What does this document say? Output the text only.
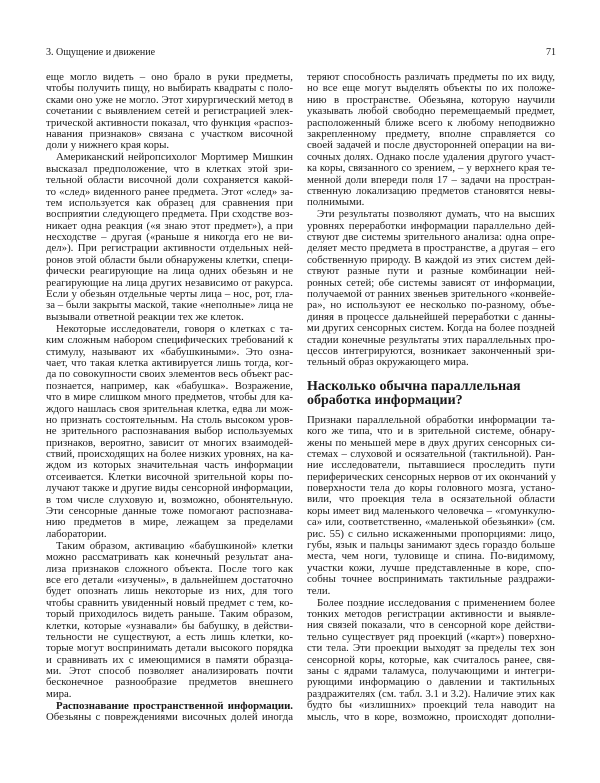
3. Ощущение и движение	71
еще могло видеть – оно брало в руки предметы,
чтобы получить пищу, но выбирать квадраты с поло-
сками оно уже не могло. Этот хирургический метод в
сочетании с выявлением сетей и регистрацией элек-
трической активности показал, что функция «распоз-
навания признаков» связана с участком височной
доли у нижнего края коры.
Американский нейропсихолог Мортимер Мишкин
высказал предположение, что в клетках этой зри-
тельной области височной доли сохраняется какой-
то «след» виденного ранее предмета. Этот «след» за-
тем используется как образец для сравнения при
восприятии следующего предмета. При сходстве воз-
никает одна реакция («я знаю этот предмет»), а при
несходстве – другая («раньше я никогда его не ви-
дел»). При регистрации активности отдельных ней-
ронов этой области были обнаружены клетки, специ-
фически реагирующие на лица одних обезьян и не
реагирующие на лица других независимо от ракурса.
Если у обезьян отдельные черты лица – нос, рот, гла-
за – были закрыты маской, такие «неполные» лица не
вызывали ответной реакции тех же клеток.
Некоторые исследователи, говоря о клетках с та-
ким сложным набором специфических требований к
стимулу, называют их «бабушкиными». Это озна-
чает, что такая клетка активируется лишь тогда, ког-
да по совокупности своих элементов весь объект рас-
познается, например, как «бабушка». Возражение,
что в мире слишком много предметов, чтобы для ка-
ждого нашлась своя зрительная клетка, едва ли мож-
но признать состоятельным. На столь высоком уров-
не зрительного распознавания выбор используемых
признаков, вероятно, зависит от многих взаимодей-
ствий, происходящих на более низких уровнях, на ка-
ждом из которых значительная часть информации
отсеивается. Клетки височной зрительной коры по-
лучают также и другие виды сенсорной информации,
в том числе слуховую и, возможно, обонятельную.
Эти сенсорные данные тоже помогают распознава-
нию предметов в мире, лежащем за пределами
лаборатории.
Таким образом, активацию «бабушкиной» клетки
можно рассматривать как конечный результат ана-
лиза признаков сложного объекта. После того как
все его детали «изучены», в дальнейшем достаточно
будет опознать лишь некоторые из них, для того
чтобы сравнить увиденный новый предмет с тем, ко-
торый приходилось видеть раньше. Таким образом,
клетки, которые «узнавали» бы бабушку, в действи-
тельности не существуют, а есть лишь клетки, ко-
торые могут воспринимать детали высокого порядка
и сравнивать их с имеющимися в памяти образца-
ми. Этот способ позволяет анализировать почти
бесконечное разнообразие предметов внешнего
мира.
Распознавание пространственной информации.
Обезьяны с повреждениями височных долей иногда
теряют способность различать предметы по их виду,
но все еще могут выделять объекты по их положе-
нию в пространстве. Обезьяна, которую научили
указывать любой свободно перемещаемый предмет,
расположенный ближе всего к любому неподвижно
закрепленному предмету, вполне справляется со
своей задачей и после двусторонней операции на ви-
сочных долях. Однако после удаления другого участ-
ка коры, связанного со зрением, – у верхнего края те-
менной доли впереди поля 17 – задачи на простран-
ственную локализацию предметов становятся невы-
полнимыми.
Эти результаты позволяют думать, что на высших
уровнях переработки информации параллельно дей-
ствуют две системы зрительного анализа: одна опре-
деляет место предмета в пространстве, а другая – его
собственную природу. В каждой из этих систем дей-
ствуют разные пути и разные комбинации ней-
ронных сетей; обе системы зависят от информации,
получаемой от ранних звеньев зрительного «конвейе-
ра», но используют ее несколько по-разному, объе-
диняя в процессе дальнейшей переработки с данны-
ми других сенсорных систем. Когда на более поздней
стадии конечные результаты этих параллельных про-
цессов интегрируются, возникает законченный зри-
тельный образ окружающего мира.
Насколько обычна параллельная
обработка информации?
Признаки параллельной обработки информации та-
кого же типа, что и в зрительной системе, обнару-
жены по меньшей мере в двух других сенсорных си-
стемах – слуховой и осязательной (тактильной). Ран-
ние исследователи, пытавшиеся проследить пути
периферических сенсорных нервов от их окончаний у
поверхности тела до коры головного мозга, устано-
вили, что проекция тела в осязательной области
коры имеет вид маленького человечка – «гомункулю-
са» или, соответственно, «маленькой обезьянки» (см.
рис. 55) с сильно искаженными пропорциями: лицо,
губы, язык и пальцы занимают здесь гораздо больше
места, чем ноги, туловище и спина. По-видимому,
участки кожи, лучше представленные в коре, спо-
собны точнее воспринимать тактильные раздражи-
тели.
Более поздние исследования с применением более
тонких методов регистрации активности и выявле-
ния связей показали, что в сенсорной коре действи-
тельно существует ряд проекций («карт») поверхно-
сти тела. Эти проекции выходят за пределы тех зон
сенсорной коры, которые, как считалось ранее, свя-
заны с ядрами таламуса, получающими и интегри-
рующими информацию о давлении и тактильных
раздражителях (см. табл. 3.1 и 3.2). Наличие этих как
будто бы «излишних» проекций тела наводит на
мысль, что в коре, возможно, происходят дополни-
